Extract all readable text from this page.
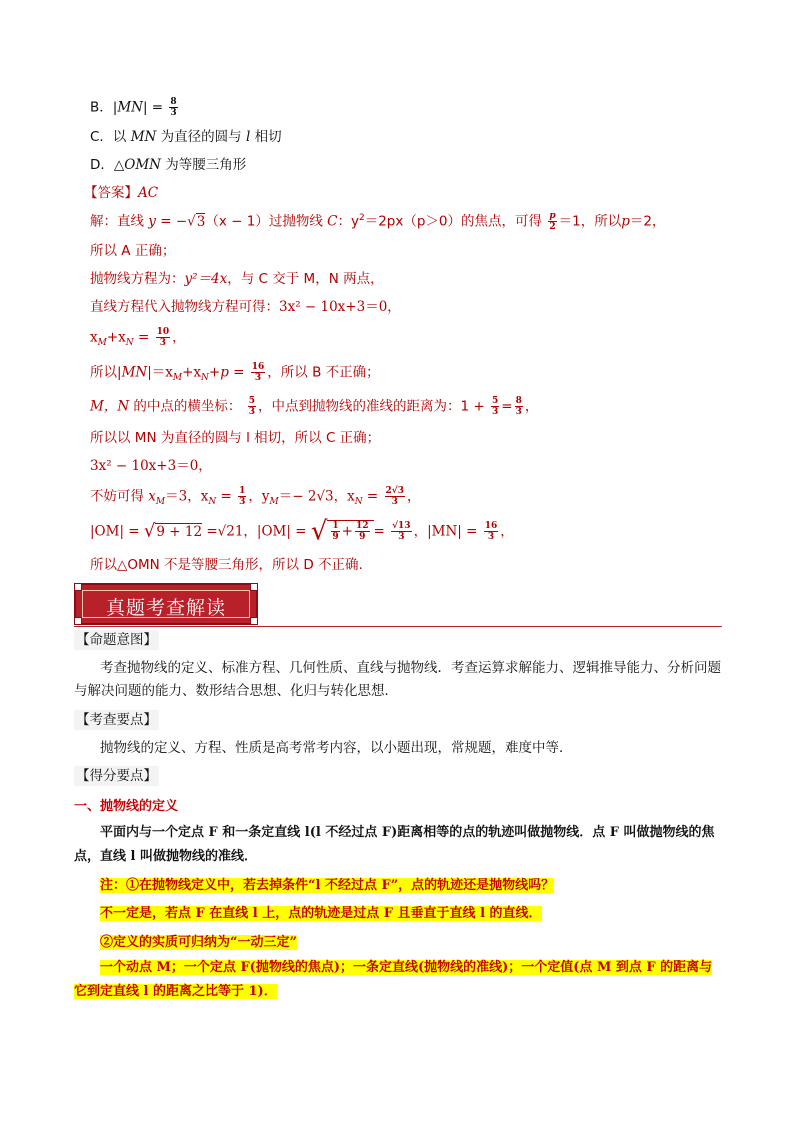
B．$|MN| = \frac{8}{3}$
C．以 MN 为直径的圆与 l 相切
D．△OMN 为等腰三角形
【答案】AC
解：直线 y = −√3（x − 1）过抛物线 C：$y^2=2px(p>0)$的焦点，可得 $\frac{p}{2} =1$，所以p＝2，
所以 A 正确；
抛物线方程为：y²＝4x，与 C 交于 M，N 两点，
直线方程代入抛物线方程可得：3x² − 10x+3＝0，
$x_M+x_N = \frac{10}{3}$ ，
所以$|MN|=x_M+x_N+p = \frac{16}{3}$ ，所以 B 不正确；
M，N 的中点的横坐标： $\frac{5}{3}$ ，中点到抛物线的准线的距离为：$1 + \frac{5}{3} = \frac{8}{3}$ ，
所以以 MN 为直径的圆与 l 相切，所以 C 正确；
3x² − 10x+3＝0，
不妨可得 $x_M=3$，$x_N = \frac{1}{3}$ ，$y_M=- 2√3$，$x_N = \frac{2√3}{3}$ ，
|OM| = √9 + 12 =√21，|OM| = √ $\frac{1}{9} + \frac{12}{9} = \frac{√13}{3}$ ，$|MN| = \frac{16}{3}$ ，
所以△OMN 不是等腰三角形，所以 D 不正确.
真题考查解读
【命题意图】
考查抛物线的定义、标准方程、几何性质、直线与抛物线．考查运算求解能力、逻辑推导能力、分析问题与解决问题的能力、数形结合思想、化归与转化思想．
【考查要点】
抛物线的定义、方程、性质是高考常考内容，以小题出现，常规题，难度中等．
【得分要点】
一、抛物线的定义
平面内与一个定点 F 和一条定直线 l(l 不经过点 F)距离相等的点的轨迹叫做抛物线．点 F 叫做抛物线的焦点，直线 l 叫做抛物线的准线．
注：①在抛物线定义中，若去掉条件“l 不经过点 F”，点的轨迹还是抛物线吗？
不一定是，若点 F 在直线 l 上，点的轨迹是过点 F 且垂直于直线 l 的直线．
②定义的实质可归纳为“一动三定”
一个动点 M；一个定点 F(抛物线的焦点)；一条定直线(抛物线的准线)；一个定值(点 M 到点 F 的距离与它到定直线 l 的距离之比等于 1)．
